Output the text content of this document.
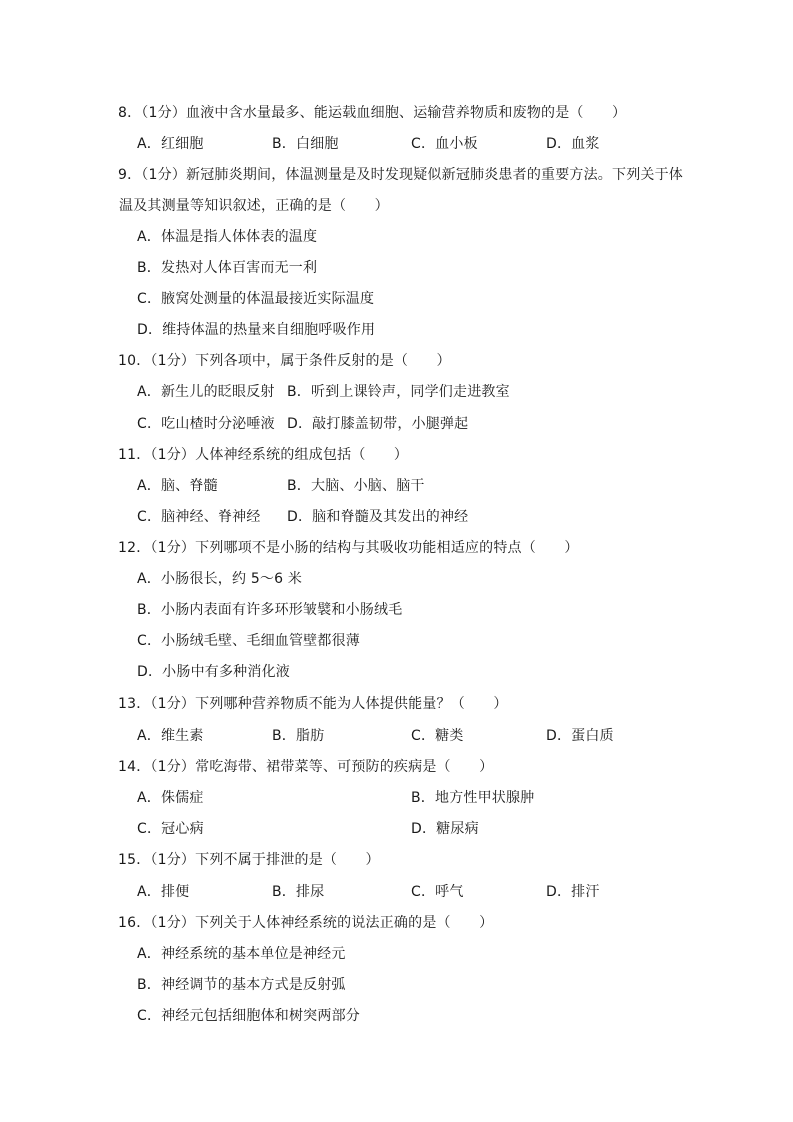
8．（1分）血液中含水量最多、能运载血细胞、运输营养物质和废物的是（　　）
A．红细胞	B．白细胞	C．血小板	D．血浆
9．（1分）新冠肺炎期间，体温测量是及时发现疑似新冠肺炎患者的重要方法。下列关于体
温及其测量等知识叙述，正确的是（　　）
A．体温是指人体体表的温度
B．发热对人体百害而无一利
C．腋窝处测量的体温最接近实际温度
D．维持体温的热量来自细胞呼吸作用
10．（1分）下列各项中，属于条件反射的是（　　）
A．新生儿的眨眼反射 B．听到上课铃声，同学们走进教室
C．吃山楂时分泌唾液 D．敲打膝盖韧带，小腿弹起
11．（1分）人体神经系统的组成包括（　　）
A．脑、脊髓	B．大脑、小脑、脑干
C．脑神经、脊神经 D．脑和脊髓及其发出的神经
12．（1分）下列哪项不是小肠的结构与其吸收功能相适应的特点（　　）
A．小肠很长，约 5～6 米
B．小肠内表面有许多环形皱襞和小肠绒毛
C．小肠绒毛壁、毛细血管壁都很薄
D．小肠中有多种消化液
13．（1分）下列哪种营养物质不能为人体提供能量？（　　）
A．维生素	B．脂肪	C．糖类	D．蛋白质
14．（1分）常吃海带、裙带菜等、可预防的疾病是（　　）
A．侏儒症	B．地方性甲状腺肿
C．冠心病	D．糖尿病
15．（1分）下列不属于排泄的是（　　）
A．排便	B．排尿	C．呼气	D．排汗
16．（1分）下列关于人体神经系统的说法正确的是（　　）
A．神经系统的基本单位是神经元
B．神经调节的基本方式是反射弧
C．神经元包括细胞体和树突两部分
